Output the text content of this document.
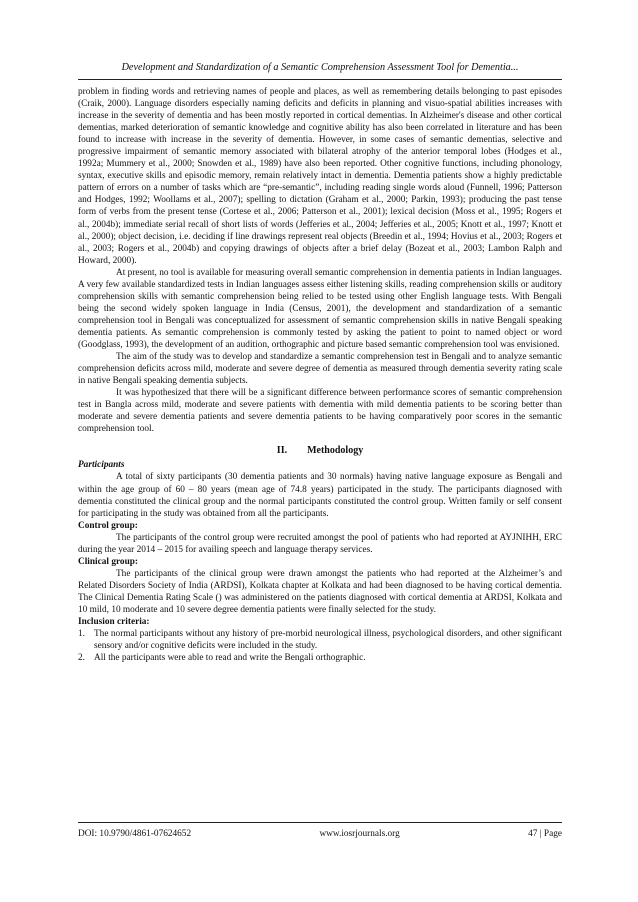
Development and Standardization of a Semantic Comprehension Assessment Tool for Dementia...

problem in finding words and retrieving names of people and places, as well as remembering details belonging to past episodes (Craik, 2000). Language disorders especially naming deficits and deficits in planning and visuo-spatial abilities increases with increase in the severity of dementia and has been mostly reported in cortical dementias. In Alzheimer's disease and other cortical dementias, marked deterioration of semantic knowledge and cognitive ability has also been correlated in literature and has been found to increase with increase in the severity of dementia. However, in some cases of semantic dementias, selective and progressive impairment of semantic memory associated with bilateral atrophy of the anterior temporal lobes (Hodges et al., 1992a; Mummery et al., 2000; Snowden et al., 1989) have also been reported. Other cognitive functions, including phonology, syntax, executive skills and episodic memory, remain relatively intact in dementia. Dementia patients show a highly predictable pattern of errors on a number of tasks which are “pre-semantic”, including reading single words aloud (Funnell, 1996; Patterson and Hodges, 1992; Woollams et al., 2007); spelling to dictation (Graham et al., 2000; Parkin, 1993); producing the past tense form of verbs from the present tense (Cortese et al., 2006; Patterson et al., 2001); lexical decision (Moss et al., 1995; Rogers et al., 2004b); immediate serial recall of short lists of words (Jefferies et al., 2004; Jefferies et al., 2005; Knott et al., 1997; Knott et al., 2000); object decision, i.e. deciding if line drawings represent real objects (Breedin et al., 1994; Hovius et al., 2003; Rogers et al., 2003; Rogers et al., 2004b) and copying drawings of objects after a brief delay (Bozeat et al., 2003; Lambon Ralph and Howard, 2000).

At present, no tool is available for measuring overall semantic comprehension in dementia patients in Indian languages. A very few available standardized tests in Indian languages assess either listening skills, reading comprehension skills or auditory comprehension skills with semantic comprehension being relied to be tested using other English language tests. With Bengali being the second widely spoken language in India (Census, 2001), the development and standardization of a semantic comprehension tool in Bengali was conceptualized for assessment of semantic comprehension skills in native Bengali speaking dementia patients. As semantic comprehension is commonly tested by asking the patient to point to named object or word (Goodglass, 1993), the development of an audition, orthographic and picture based semantic comprehension tool was envisioned.

The aim of the study was to develop and standardize a semantic comprehension test in Bengali and to analyze semantic comprehension deficits across mild, moderate and severe degree of dementia as measured through dementia severity rating scale in native Bengali speaking dementia subjects.

It was hypothesized that there will be a significant difference between performance scores of semantic comprehension test in Bangla across mild, moderate and severe patients with dementia with mild dementia patients to be scoring better than moderate and severe dementia patients and severe dementia patients to be having comparatively poor scores in the semantic comprehension tool.

II.        Methodology

Participants

A total of sixty participants (30 dementia patients and 30 normals) having native language exposure as Bengali and within the age group of 60 – 80 years (mean age of 74.8 years) participated in the study. The participants diagnosed with dementia constituted the clinical group and the normal participants constituted the control group. Written family or self consent for participating in the study was obtained from all the participants.

Control group:

The participants of the control group were recruited amongst the pool of patients who had reported at AYJNIHH, ERC during the year 2014 – 2015 for availing speech and language therapy services.

Clinical group:

The participants of the clinical group were drawn amongst the patients who had reported at the Alzheimer’s and Related Disorders Society of India (ARDSI), Kolkata chapter at Kolkata and had been diagnosed to be having cortical dementia. The Clinical Dementia Rating Scale () was administered on the patients diagnosed with cortical dementia at ARDSI, Kolkata and 10 mild, 10 moderate and 10 severe degree dementia patients were finally selected for the study.

Inclusion criteria:

1. The normal participants without any history of pre-morbid neurological illness, psychological disorders, and other significant sensory and/or cognitive deficits were included in the study.
2. All the participants were able to read and write the Bengali orthographic.
DOI: 10.9790/4861-07624652	www.iosrjournals.org	47 | Page
